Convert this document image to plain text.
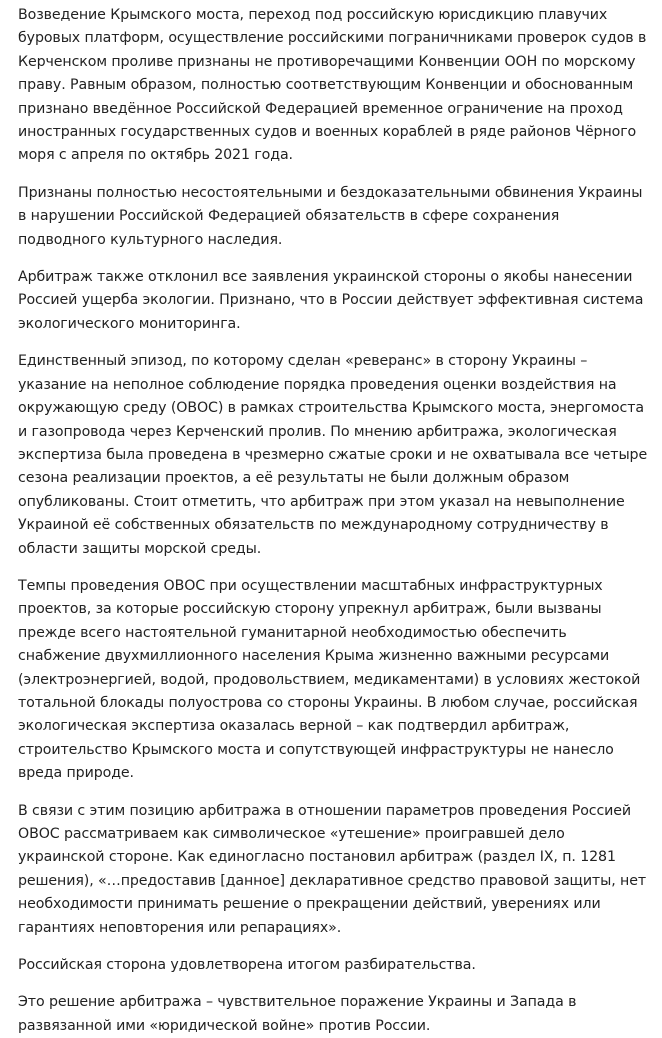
Возведение Крымского моста, переход под российскую юрисдикцию плавучих буровых платформ, осуществление российскими пограничниками проверок судов в Керченском проливе признаны не противоречащими Конвенции ООН по морскому праву. Равным образом, полностью соответствующим Конвенции и обоснованным признано введённое Российской Федерацией временное ограничение на проход иностранных государственных судов и военных кораблей в ряде районов Чёрного моря с апреля по октябрь 2021 года.

Признаны полностью несостоятельными и бездоказательными обвинения Украины в нарушении Российской Федерацией обязательств в сфере сохранения подводного культурного наследия.

Арбитраж также отклонил все заявления украинской стороны о якобы нанесении Россией ущерба экологии. Признано, что в России действует эффективная система экологического мониторинга.

Единственный эпизод, по которому сделан «реверанс» в сторону Украины – указание на неполное соблюдение порядка проведения оценки воздействия на окружающую среду (ОВОС) в рамках строительства Крымского моста, энергомоста и газопровода через Керченский пролив. По мнению арбитража, экологическая экспертиза была проведена в чрезмерно сжатые сроки и не охватывала все четыре сезона реализации проектов, а её результаты не были должным образом опубликованы. Стоит отметить, что арбитраж при этом указал на невыполнение Украиной её собственных обязательств по международному сотрудничеству в области защиты морской среды.

Темпы проведения ОВОС при осуществлении масштабных инфраструктурных проектов, за которые российскую сторону упрекнул арбитраж, были вызваны прежде всего настоятельной гуманитарной необходимостью обеспечить снабжение двухмиллионного населения Крыма жизненно важными ресурсами (электроэнергией, водой, продовольствием, медикаментами) в условиях жестокой тотальной блокады полуострова со стороны Украины. В любом случае, российская экологическая экспертиза оказалась верной – как подтвердил арбитраж, строительство Крымского моста и сопутствующей инфраструктуры не нанесло вреда природе.

В связи с этим позицию арбитража в отношении параметров проведения Россией ОВОС рассматриваем как символическое «утешение» проигравшей дело украинской стороне. Как единогласно постановил арбитраж (раздел IX, п. 1281 решения), «…предоставив [данное] декларативное средство правовой защиты, нет необходимости принимать решение о прекращении действий, уверениях или гарантиях неповторения или репарациях».

Российская сторона удовлетворена итогом разбирательства.

Это решение арбитража – чувствительное поражение Украины и Запада в развязанной ими «юридической войне» против России.
